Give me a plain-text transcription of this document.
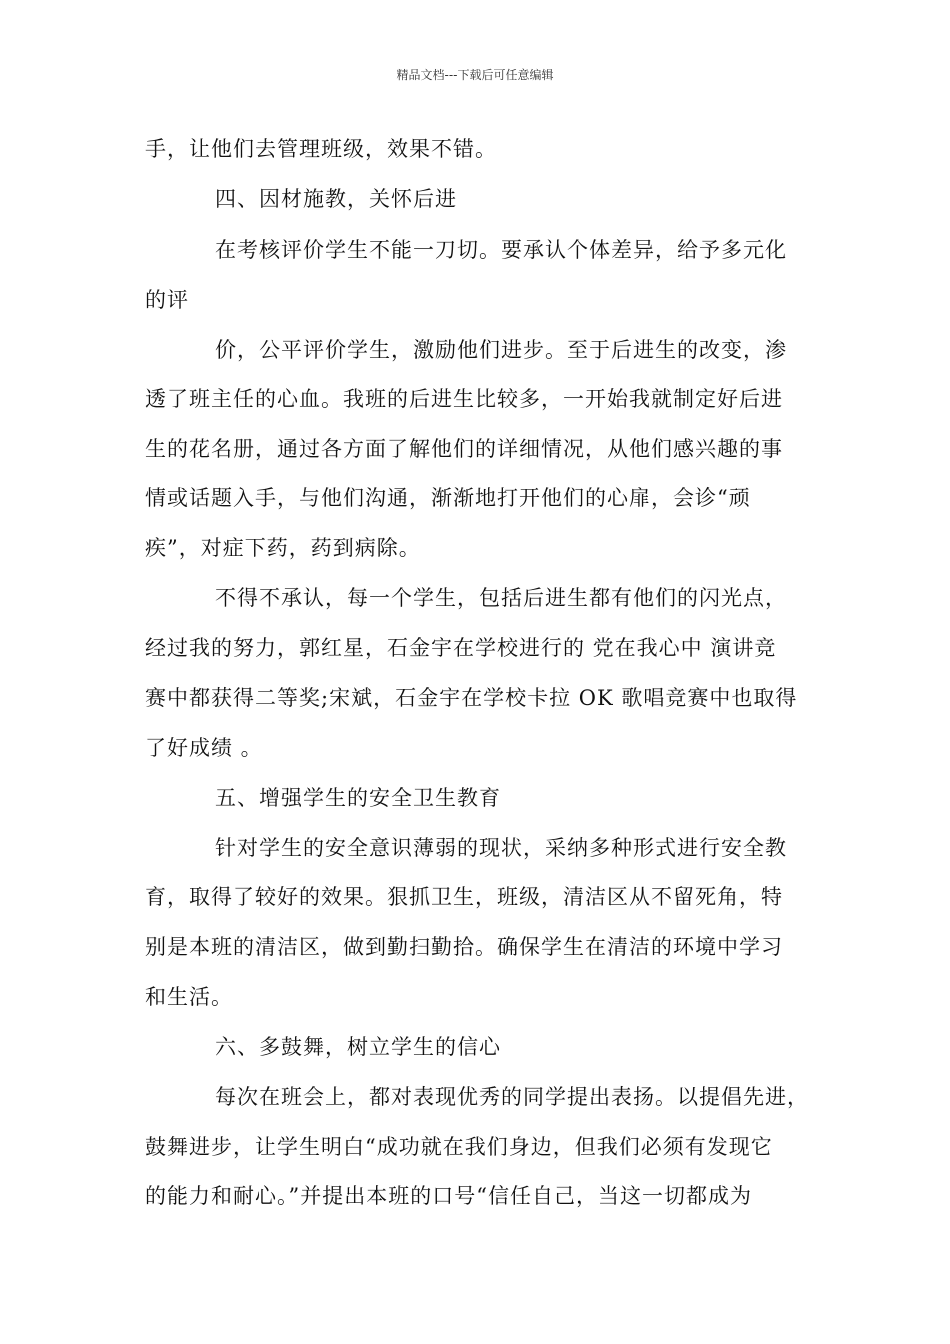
精品文档---下载后可任意编辑
手，让他们去管理班级，效果不错。
四、因材施教，关怀后进
在考核评价学生不能一刀切。要承认个体差异，给予多元化
的评
价，公平评价学生，激励他们进步。至于后进生的改变，渗
透了班主任的心血。我班的后进生比较多，一开始我就制定好后进
生的花名册，通过各方面了解他们的详细情况，从他们感兴趣的事
情或话题入手，与他们沟通，渐渐地打开他们的心扉，会诊“顽
疾”，对症下药，药到病除。
不得不承认，每一个学生，包括后进生都有他们的闪光点，
经过我的努力，郭红星，石金宇在学校进行的 党在我心中 演讲竞
赛中都获得二等奖;宋斌，石金宇在学校卡拉 OK 歌唱竞赛中也取得
了好成绩 。
五、增强学生的安全卫生教育
针对学生的安全意识薄弱的现状，采纳多种形式进行安全教
育，取得了较好的效果。狠抓卫生，班级，清洁区从不留死角，特
别是本班的清洁区，做到勤扫勤拾。确保学生在清洁的环境中学习
和生活。
六、多鼓舞，树立学生的信心
每次在班会上，都对表现优秀的同学提出表扬。以提倡先进，
鼓舞进步，让学生明白“成功就在我们身边，但我们必须有发现它
的能力和耐心。”并提出本班的口号“信任自己，当这一切都成为
